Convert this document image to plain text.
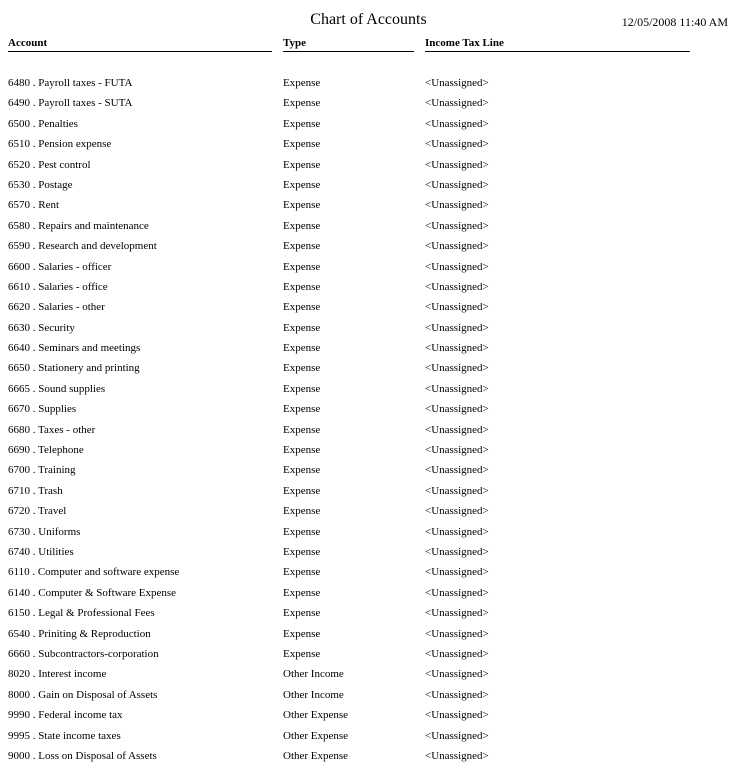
Chart of Accounts	12/05/2008 11:40 AM
Account	Type	Income Tax Line
6480 . Payroll taxes - FUTA	Expense	<Unassigned>
6490 . Payroll taxes - SUTA	Expense	<Unassigned>
6500 . Penalties	Expense	<Unassigned>
6510 . Pension expense	Expense	<Unassigned>
6520 . Pest control	Expense	<Unassigned>
6530 . Postage	Expense	<Unassigned>
6570 . Rent	Expense	<Unassigned>
6580 . Repairs and maintenance	Expense	<Unassigned>
6590 . Research and development	Expense	<Unassigned>
6600 . Salaries - officer	Expense	<Unassigned>
6610 . Salaries - office	Expense	<Unassigned>
6620 . Salaries - other	Expense	<Unassigned>
6630 . Security	Expense	<Unassigned>
6640 . Seminars and meetings	Expense	<Unassigned>
6650 . Stationery and printing	Expense	<Unassigned>
6665 . Sound supplies	Expense	<Unassigned>
6670 . Supplies	Expense	<Unassigned>
6680 . Taxes - other	Expense	<Unassigned>
6690 . Telephone	Expense	<Unassigned>
6700 . Training	Expense	<Unassigned>
6710 . Trash	Expense	<Unassigned>
6720 . Travel	Expense	<Unassigned>
6730 . Uniforms	Expense	<Unassigned>
6740 . Utilities	Expense	<Unassigned>
6110 . Computer and software expense	Expense	<Unassigned>
6140 . Computer & Software Expense	Expense	<Unassigned>
6150 . Legal & Professional Fees	Expense	<Unassigned>
6540 . Priniting & Reproduction	Expense	<Unassigned>
6660 . Subcontractors-corporation	Expense	<Unassigned>
8020 . Interest income	Other Income	<Unassigned>
8000 . Gain on Disposal of Assets	Other Income	<Unassigned>
9990 . Federal income tax	Other Expense	<Unassigned>
9995 . State income taxes	Other Expense	<Unassigned>
9000 . Loss on Disposal of Assets	Other Expense	<Unassigned>
